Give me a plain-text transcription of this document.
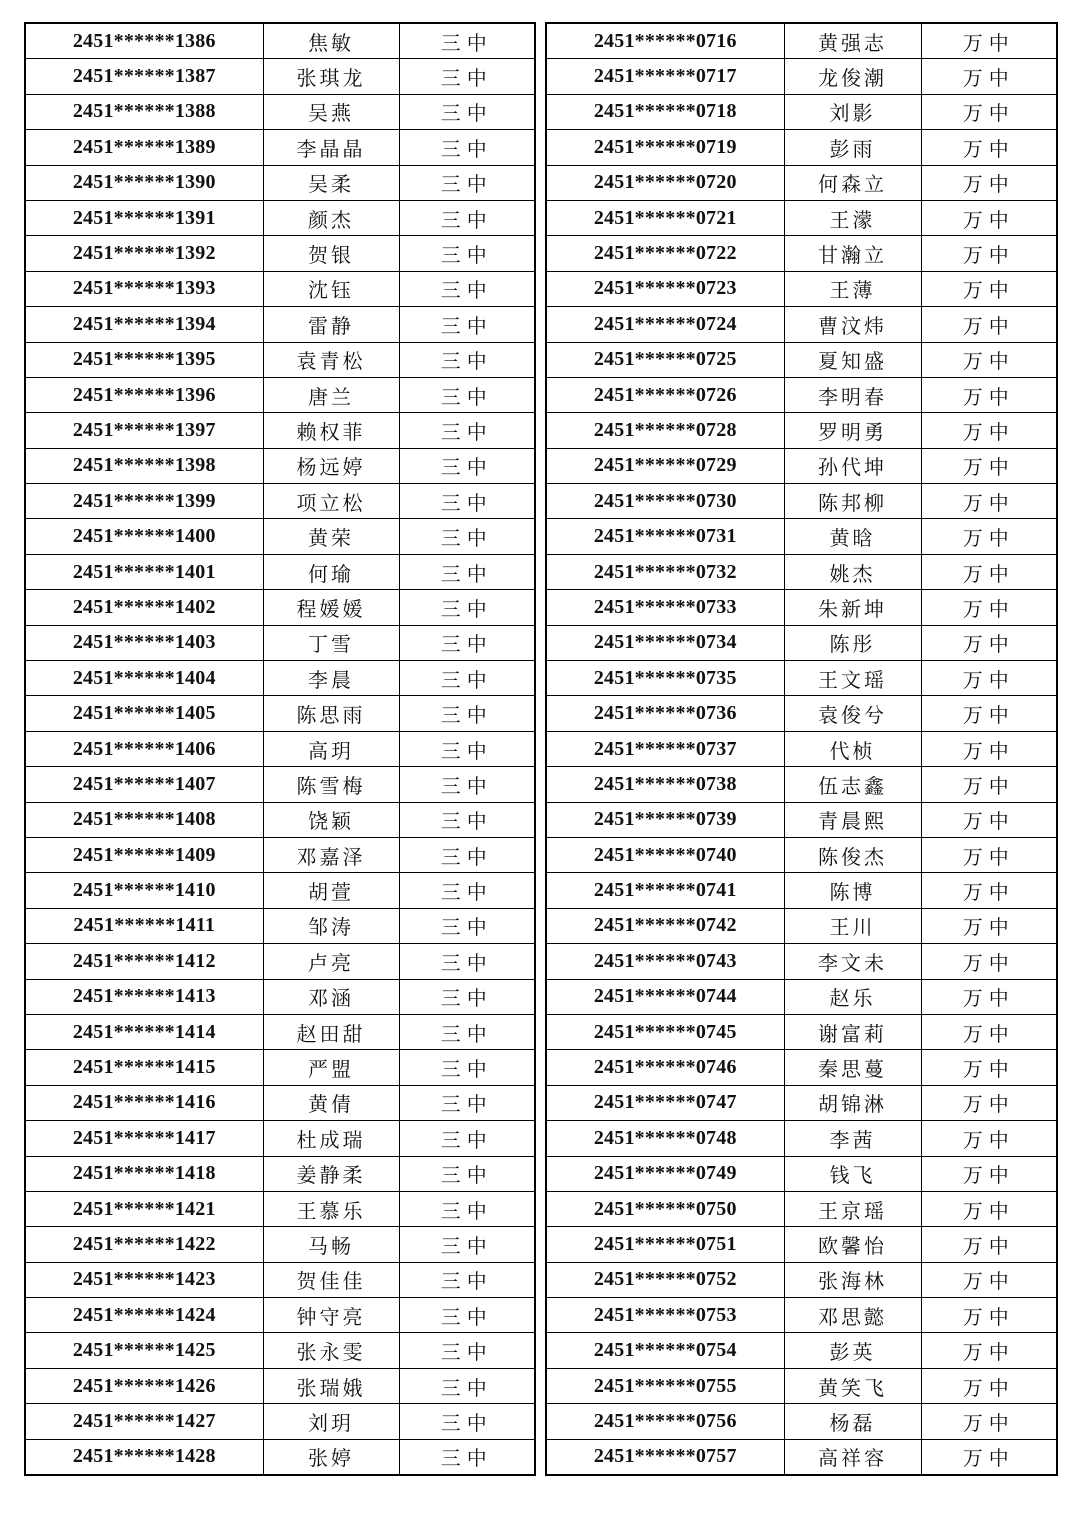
2451******1386	焦敏	三中
2451******1387	张琪龙	三中
2451******1388	吴燕	三中
2451******1389	李晶晶	三中
2451******1390	吴柔	三中
2451******1391	颜杰	三中
2451******1392	贺银	三中
2451******1393	沈钰	三中
2451******1394	雷静	三中
2451******1395	袁青松	三中
2451******1396	唐兰	三中
2451******1397	赖权菲	三中
2451******1398	杨远婷	三中
2451******1399	项立松	三中
2451******1400	黄荣	三中
2451******1401	何瑜	三中
2451******1402	程媛媛	三中
2451******1403	丁雪	三中
2451******1404	李晨	三中
2451******1405	陈思雨	三中
2451******1406	高玥	三中
2451******1407	陈雪梅	三中
2451******1408	饶颖	三中
2451******1409	邓嘉泽	三中
2451******1410	胡萱	三中
2451******1411	邹涛	三中
2451******1412	卢亮	三中
2451******1413	邓涵	三中
2451******1414	赵田甜	三中
2451******1415	严盟	三中
2451******1416	黄倩	三中
2451******1417	杜成瑞	三中
2451******1418	姜静柔	三中
2451******1421	王慕乐	三中
2451******1422	马畅	三中
2451******1423	贺佳佳	三中
2451******1424	钟守亮	三中
2451******1425	张永雯	三中
2451******1426	张瑞娥	三中
2451******1427	刘玥	三中
2451******1428	张婷	三中
2451******0716	黄强志	万中
2451******0717	龙俊潮	万中
2451******0718	刘影	万中
2451******0719	彭雨	万中
2451******0720	何森立	万中
2451******0721	王濛	万中
2451******0722	甘瀚立	万中
2451******0723	王薄	万中
2451******0724	曹汶炜	万中
2451******0725	夏知盛	万中
2451******0726	李明春	万中
2451******0728	罗明勇	万中
2451******0729	孙代坤	万中
2451******0730	陈邦柳	万中
2451******0731	黄晗	万中
2451******0732	姚杰	万中
2451******0733	朱新坤	万中
2451******0734	陈彤	万中
2451******0735	王文瑶	万中
2451******0736	袁俊兮	万中
2451******0737	代桢	万中
2451******0738	伍志鑫	万中
2451******0739	青晨熙	万中
2451******0740	陈俊杰	万中
2451******0741	陈博	万中
2451******0742	王川	万中
2451******0743	李文未	万中
2451******0744	赵乐	万中
2451******0745	谢富莉	万中
2451******0746	秦思蔓	万中
2451******0747	胡锦淋	万中
2451******0748	李茜	万中
2451******0749	钱飞	万中
2451******0750	王京瑶	万中
2451******0751	欧馨怡	万中
2451******0752	张海林	万中
2451******0753	邓思懿	万中
2451******0754	彭英	万中
2451******0755	黄笑飞	万中
2451******0756	杨磊	万中
2451******0757	高祥容	万中
